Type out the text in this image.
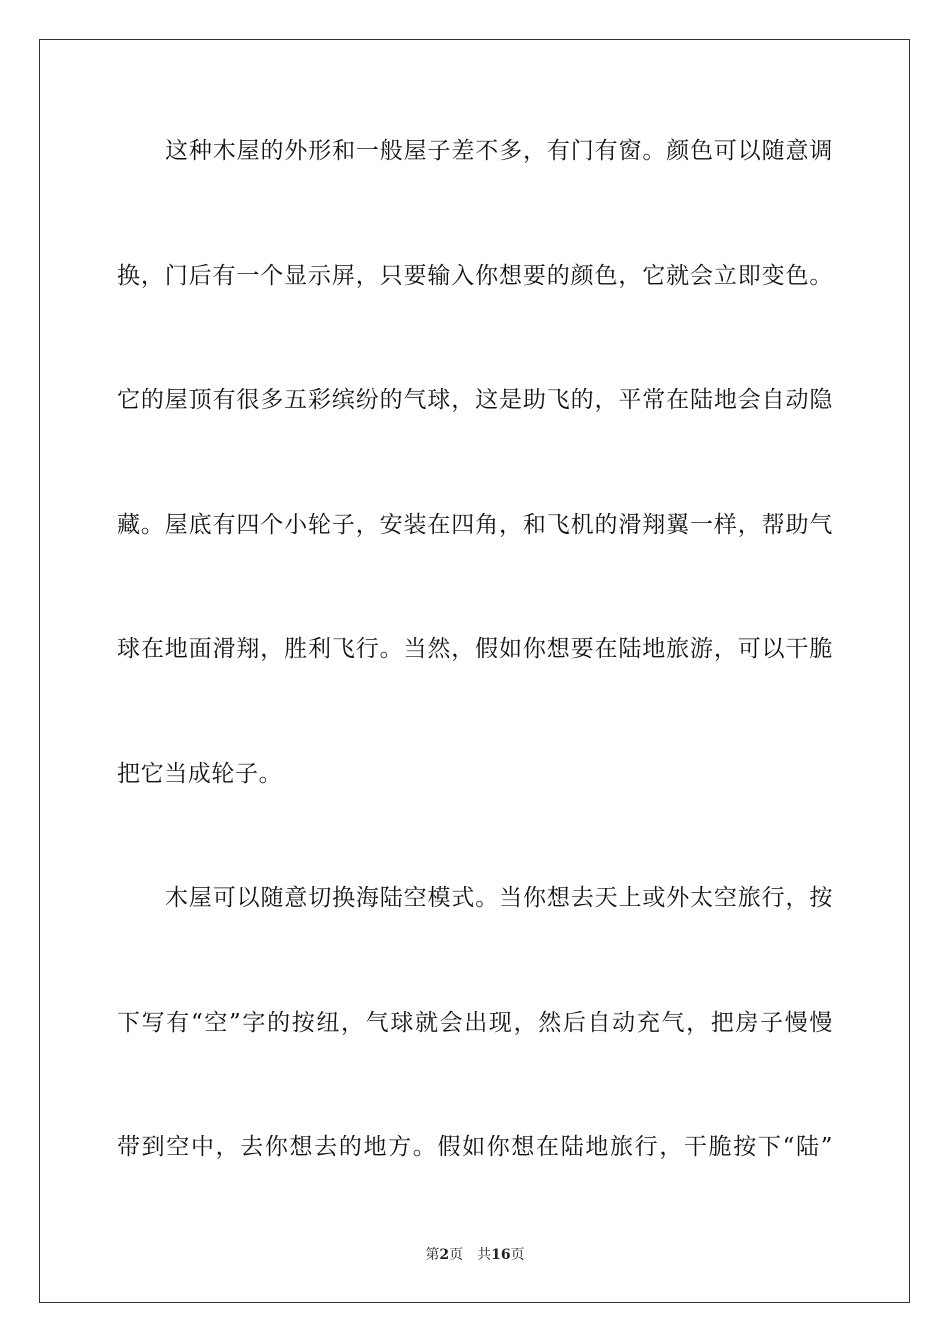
这种木屋的外形和一般屋子差不多，有门有窗。颜色可以随意调
换，门后有一个显示屏，只要输入你想要的颜色，它就会立即变色。
它的屋顶有很多五彩缤纷的气球，这是助飞的，平常在陆地会自动隐
藏。屋底有四个小轮子，安装在四角，和飞机的滑翔翼一样，帮助气
球在地面滑翔，胜利飞行。当然，假如你想要在陆地旅游，可以干脆
把它当成轮子。
木屋可以随意切换海陆空模式。当你想去天上或外太空旅行，按
下写有“空”字的按纽，气球就会出现，然后自动充气，把房子慢慢
带到空中，去你想去的地方。假如你想在陆地旅行，干脆按下“陆”
第2页 共16页
